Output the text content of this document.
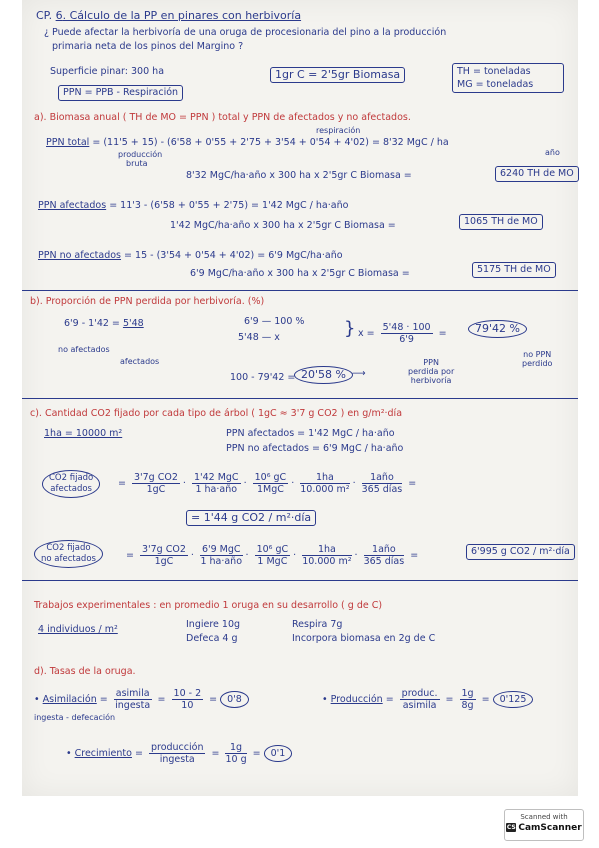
CP. 6. Cálculo de la PP en pinares con herbivoría
¿ Puede afectar la herbivoría de una oruga de procesionaria del pino a la producción
primaria neta de los pinos del Margino ?
Superficie pinar: 300 ha	1gr C = 2'5gr Biomasa	TH = toneladas
MG = toneladas
PPN = PPB - Respiración
a). Biomasa anual ( TH de MO = PPN ) total y PPN de afectados y no afectados.
respiración
PPN total = (11'5 + 15) - (6'58 + 0'55 + 2'75 + 3'54 + 0'54 + 4'02) = 8'32 MgC / ha
año
producción
bruta
8'32 MgC/ha·año x 300 ha x 2'5gr C Biomasa =	6240 TH de MO
PPN afectados = 11'3 - (6'58 + 0'55 + 2'75) = 1'42 MgC / ha·año
1'42 MgC/ha·año x 300 ha x 2'5gr C Biomasa =	1065 TH de MO
PPN no afectados = 15 - (3'54 + 0'54 + 4'02) = 6'9 MgC/ha·año
6'9 MgC/ha·año x 300 ha x 2'5gr C Biomasa =	5175 TH de MO
b). Proporción de PPN perdida por herbivoría. (%)
6'9 - 1'42 = 5'48
no afectados
afectados
6'9 — 100 %
5'48 — x	} $x = \frac{5'48 \cdot 100}{6'9}$ =	79'42 %
no PPN
perdido
100 - 79'42 = 20'58 % ⟶
PPN
perdida por
herbivoría
c). Cantidad CO2 fijado por cada tipo de árbol ( 1gC ≈ 3'7 g CO2 ) en g/m²·día
1ha = 10000 m²	PPN afectados = 1'42 MgC / ha·año
PPN no afectados = 6'9 MgC / ha·año
CO2 fijado
afectados	= $\frac{\text{3'7g CO2}}{1gC} \cdot \frac{\text{1'42 MgC}}{\text{1 ha·año}} \cdot \frac{\text{10⁶ gC}}{\text{1MgC}} \cdot \frac{1ha}{\text{10.000 m²}} \cdot \frac{\text{1año}}{\text{365 días}}$ =
= 1'44 g CO2 / m²·día
CO2 fijado
no afectados	= $\frac{\text{3'7g CO2}}{1gC} \cdot \frac{\text{6'9 MgC}}{\text{1 ha·año}} \cdot \frac{\text{10⁶ gC}}{\text{1 MgC}} \cdot \frac{1ha}{\text{10.000 m²}} \cdot \frac{\text{1año}}{\text{365 días}}$ =	6'995 g CO2 / m²·día
Trabajos experimentales : en promedio 1 oruga en su desarrollo ( g de C)
4 individuos / m²	Ingiere 10g
Defeca 4 g
Respira 7g
Incorpora biomasa en 2g de C
d). Tasas de la oruga.
• Asimilación = $\frac{\text{asimila}}{\text{ingesta}} = \frac{10 - 2}{10} = 0'8$
ingesta - defecación
• Producción = $\frac{\text{produc.}}{\text{asimila}} = \frac{1g}{8g} = 0'125$
• Crecimiento = $\frac{\text{producción}}{\text{ingesta}} = \frac{1g}{10 g} = 0'1$
Scanned with
CS CamScanner
